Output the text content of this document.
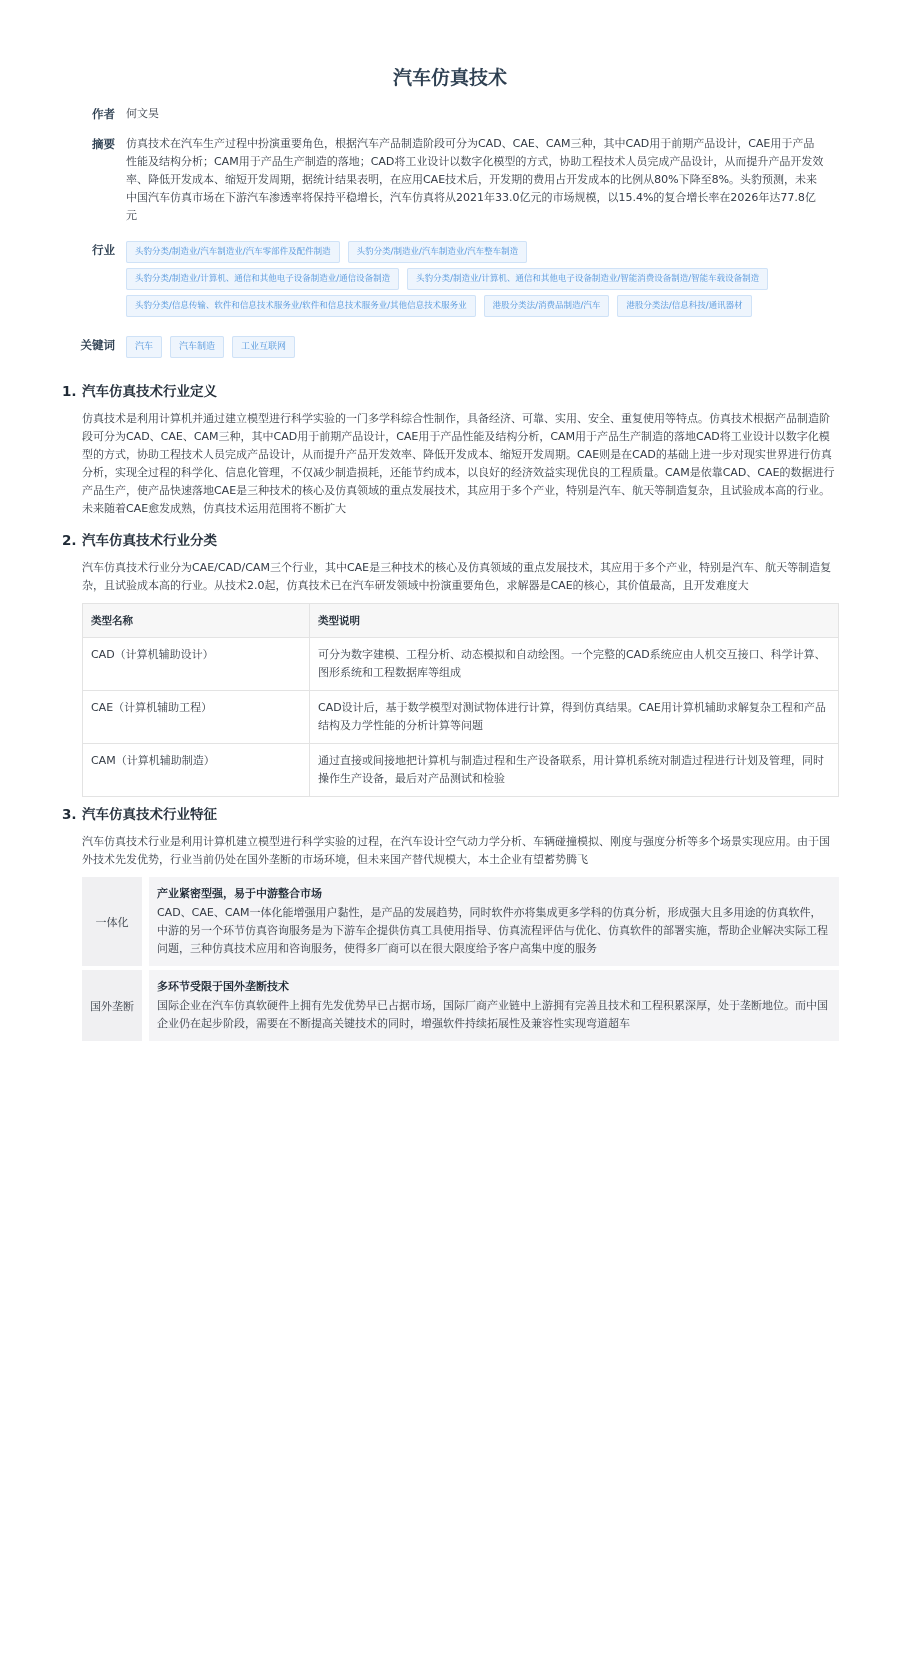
汽车仿真技术
作者 何文昊
摘要 仿真技术在汽车生产过程中扮演重要角色，根据汽车产品制造阶段可分为CAD、CAE、CAM三种，其中CAD用于前期产品设计，CAE用于产品性能及结构分析；CAM用于产品生产制造的落地；CAD将工业设计以数字化模型的方式，协助工程技术人员完成产品设计，从而提升产品开发效率、降低开发成本、缩短开发周期，据统计结果表明，在应用CAE技术后，开发期的费用占开发成本的比例从80%下降至8%。头豹预测，未来中国汽车仿真市场在下游汽车渗透率将保持平稳增长，汽车仿真将从2021年33.0亿元的市场规模，以15.4%的复合增长率在2026年达77.8亿元
行业	头豹分类/制造业/汽车制造业/汽车零部件及配件制造	头豹分类/制造业/汽车制造业/汽车整车制造
头豹分类/制造业/计算机、通信和其他电子设备制造业/通信设备制造	头豹分类/制造业/计算机、通信和其他电子设备制造业/智能消费设备制造/智能车载设备制造
头豹分类/信息传输、软件和信息技术服务业/软件和信息技术服务业/其他信息技术服务业	港股分类法/消费品制造/汽车	港股分类法/信息科技/通讯器材
关键词	汽车	汽车制造	工业互联网
1. 汽车仿真技术行业定义
仿真技术是利用计算机并通过建立模型进行科学实验的一门多学科综合性制作，具备经济、可靠、实用、安全、重复使用等特点。仿真技术根据产品制造阶段可分为CAD、CAE、CAM三种，其中CAD用于前期产品设计，CAE用于产品性能及结构分析，CAM用于产品生产制造的落地CAD将工业设计以数字化模型的方式，协助工程技术人员完成产品设计，从而提升产品开发效率、降低开发成本、缩短开发周期。CAE则是在CAD的基础上进一步对现实世界进行仿真分析，实现全过程的科学化、信息化管理，不仅减少制造损耗，还能节约成本，以良好的经济效益实现优良的工程质量。CAM是依靠CAD、CAE的数据进行产品生产，使产品快速落地CAE是三种技术的核心及仿真领域的重点发展技术，其应用于多个产业，特别是汽车、航天等制造复杂，且试验成本高的行业。未来随着CAE愈发成熟，仿真技术运用范围将不断扩大
2. 汽车仿真技术行业分类
汽车仿真技术行业分为CAE/CAD/CAM三个行业，其中CAE是三种技术的核心及仿真领域的重点发展技术，其应用于多个产业，特别是汽车、航天等制造复杂，且试验成本高的行业。从技术2.0起，仿真技术已在汽车研发领域中扮演重要角色，求解器是CAE的核心，其价值最高，且开发难度大
类型名称	类型说明
CAD（计算机辅助设计）	可分为数字建模、工程分析、动态模拟和自动绘图。一个完整的CAD系统应由人机交互接口、科学计算、图形系统和工程数据库等组成
CAE（计算机辅助工程）	CAD设计后，基于数学模型对测试物体进行计算，得到仿真结果。CAE用计算机辅助求解复杂工程和产品结构及力学性能的分析计算等问题
CAM（计算机辅助制造）	通过直接或间接地把计算机与制造过程和生产设备联系，用计算机系统对制造过程进行计划及管理，同时操作生产设备，最后对产品测试和检验
3. 汽车仿真技术行业特征
汽车仿真技术行业是利用计算机建立模型进行科学实验的过程，在汽车设计空气动力学分析、车辆碰撞模拟、刚度与强度分析等多个场景实现应用。由于国外技术先发优势，行业当前仍处在国外垄断的市场环境，但未来国产替代规模大，本土企业有望蓄势腾飞
一体化
产业紧密型强，易于中游整合市场
CAD、CAE、CAM一体化能增强用户黏性，是产品的发展趋势，同时软件亦将集成更多学科的仿真分析，形成强大且多用途的仿真软件，中游的另一个环节仿真咨询服务是为下游车企提供仿真工具使用指导、仿真流程评估与优化、仿真软件的部署实施，帮助企业解决实际工程问题，三种仿真技术应用和咨询服务，使得多厂商可以在很大限度给予客户高集中度的服务
国外垄断
多环节受限于国外垄断技术
国际企业在汽车仿真软硬件上拥有先发优势早已占据市场，国际厂商产业链中上游拥有完善且技术和工程积累深厚，处于垄断地位。而中国企业仍在起步阶段，需要在不断提高关键技术的同时，增强软件持续拓展性及兼容性实现弯道超车
